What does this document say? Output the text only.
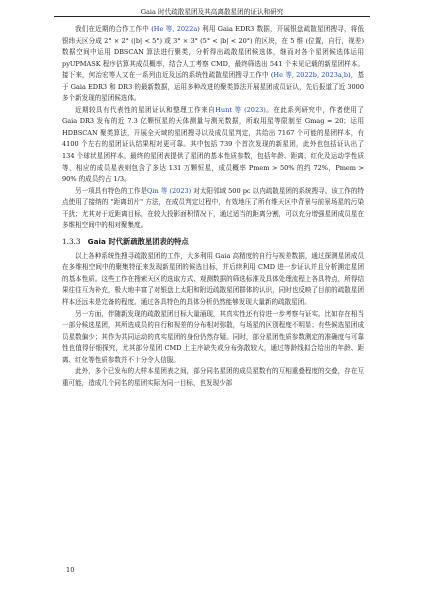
Gaia 时代疏散星团及其高离散星团的证认和研究

我们在近期的合作工作中 (He 等, 2022a) 利用 Gaia EDR3 数据，开展银盘疏散星团搜寻，将低银纬天区分成 2° × 2° (|b| < 5°) 或 3° × 3° (5° < |b| < 20°) 的区块，在 5 维 (位置，自行，视差) 数据空间中运用 DBSCAN 算法进行聚类，分析得出疏散星团候选体，继而对各个星团候选体运用 pyUPMASK 程序估算其成员概率，结合人工考察 CMD，最终筛选出 541 个未见记载的新星团样本。接下来，何治宏等人又在一系列由近及远的系统性疏散星团搜寻工作中 (He 等, 2022b, 2023a,b)，基于 Gaia EDR3 和 DR3 的最新数据，运用多种改进的聚类算法开展星团成员证认，先后报道了近 3000 多个新发现的星团候选体。

近期较具有代表性的星团证认和整理工作来自Hunt 等 (2023)。在此系列研究中，作者使用了 Gaia DR3 发布的近 7.3 亿颗恒星的天体测量与测光数据，所取用星等限制至 Gmag = 20；运用 HDBSCAN 聚类算法，开展全天域的星团搜寻以及成员星判定，共给出 7167 个可能的星团样本，有 4100 个左右的星团证认结果相对更可靠。其中包括 739 个首次发现的新星团，此外也包括证认出了 134 个球状星团样本。最终的星团表提供了星团的基本性质参数，包括年龄、距离、红化及运动学性质等，相应的成员星表则包含了多达 131 万颗恒星，成员概率 Pmem > 50% 的约 72%，Pmem > 90% 的成员约占 1/3。

另一项具有特色的工作是Qin 等 (2023) 对太阳邻域 500 pc 以内疏散星团的系统搜寻。该工作的特点使用了接纳的 "距离切片" 方法，在成员判定过程中，有效地压了所有维天区中背景与前景场星的污染干扰；尤其对于近距离目标，在较大投影面积情况下，通过适当的距离分割，可以充分增强星团成员星在多维相空间中的相对聚集度。

1.3.3 Gaia 时代新疏散星团表的特点

以上各种系统性搜寻疏散星团的工作，大多利用 Gaia 高精度的自行与视差数据，通过探测星团成员在多维相空间中的聚集特征来发现新星团的候选目标，并后续利用 CMD 进一步证认并且分析溯定星团的基本性质。这些工作在搜索天区的选取方式、观测数据的筛选标准及具体处理流程上各具特点，所得结果往往互为补充，极大地丰富了对银盘上太阳和附近疏散星团群体的认识，同时也反映了目前的疏散星团样本还远未是完备的程度。通过各具特色的具体分析仍然能够发现大量新的疏散星团。

另一方面，伴随新发现的疏散星团目标大量涌现，其真实性还有待进一步考察与证实。比如存在相当一部分候选星团，其所选成员的自行和视差的分布相对弥散，与场星的区别程度不明显；有些候选星团成员星数偏少；其作为共同运动的真实星团的身份仍然存疑。同时，部分星团性质参数测定的准确度与可靠性也值得仔细探究，尤其部分星团 CMD 上主序缺失或分布弥散较大，通过等龄线拟合给出的年龄、距离、红化等性质参数并不十分令人信服。

此外，多个已发布的大样本星团表之间，部分同名星团的成员星数有的互相重叠程度的交叠，存在互重可能，造成几个同名的星团实际为同一目标，也发现少部

10
